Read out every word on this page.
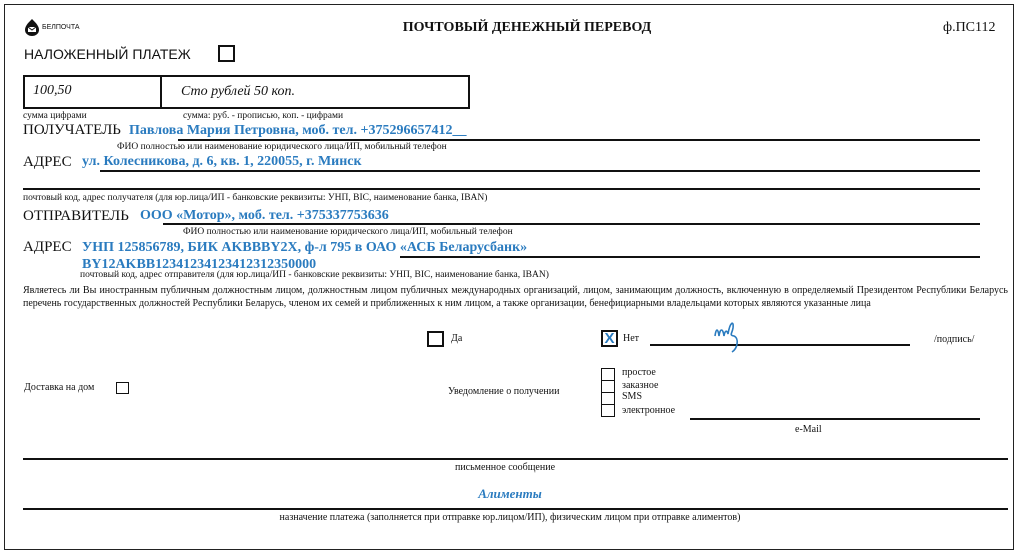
БЕЛПОЧТА	ПОЧТОВЫЙ ДЕНЕЖНЫЙ ПЕРЕВОД	ф.ПС112
НАЛОЖЕННЫЙ ПЛАТЕЖ
100,50	Сто рублей 50 коп.
сумма цифрами	сумма: руб. - прописью, коп. - цифрами
ПОЛУЧАТЕЛЬ Павлова Мария Петровна, моб. тел. +375296657412__
ФИО полностью или наименование юридического лица/ИП, мобильный телефон
АДРЕС ул. Колесникова, д. 6, кв. 1, 220055, г. Минск
почтовый код, адрес получателя (для юр.лица/ИП - банковские реквизиты: УНП, BIC, наименование банка, IBAN)
ОТПРАВИТЕЛЬ ООО «Мотор», моб. тел. +375337753636
ФИО полностью или наименование юридического лица/ИП, мобильный телефон
АДРЕС УНП 125856789, БИК AKBBBY2X, ф-л 795 в ОАО «АСБ Беларусбанк»
BY12AKBB12341234123412312350000
почтовый код, адрес отправителя (для юр.лица/ИП - банковские реквизиты: УНП, BIC, наименование банка, IBAN)
Являетесь ли Вы иностранным публичным должностным лицом, должностным лицом публичных международных организаций, лицом, занимающим должность, включенную в определяемый Президентом Республики Беларусь перечень государственных должностей Республики Беларусь, членом их семей и приближенных к ним лицом, а также организации, бенефициарными владельцами которых являются указанные лица
Да	X Нет	/подпись/
Доставка на дом	Уведомление о получении
простое
заказное
SMS
электронное
e-Mail
письменное сообщение
Алименты
назначение платежа (заполняется при отправке юр.лицом/ИП), физическим лицом при отправке алиментов)
